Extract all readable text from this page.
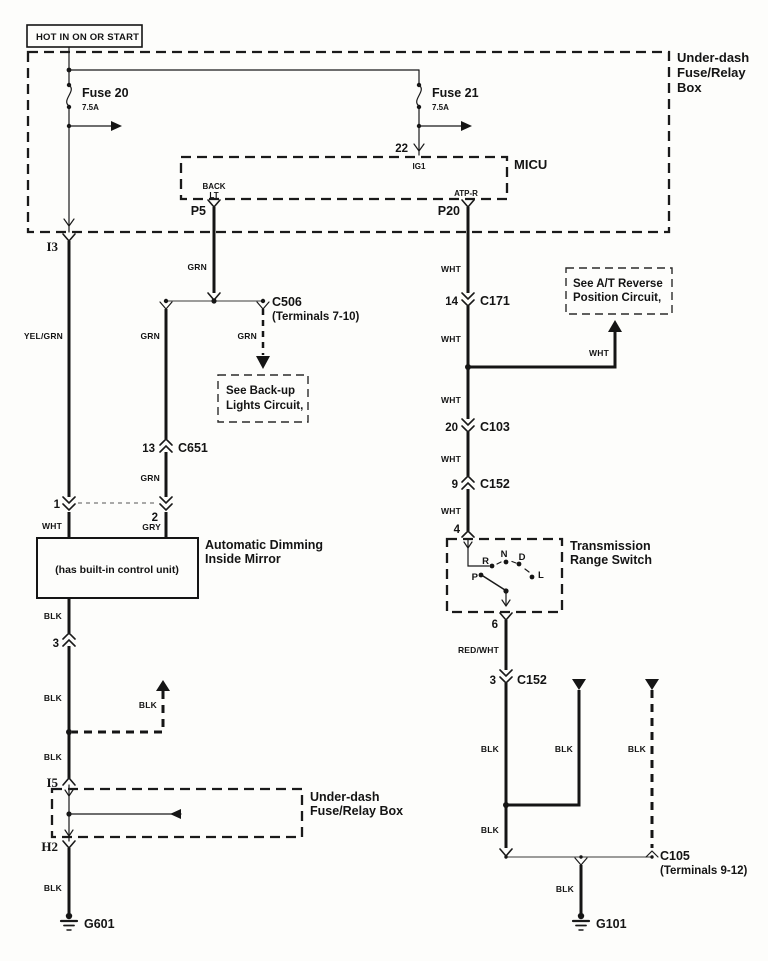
HOT IN ON OR START
Under-dash
Fuse/Relay
Box
Fuse 20
7.5A
Fuse 21
7.5A
22
MICU
IG1
BACK
LT	ATP-R
P5
GRN
P20
WHT
I3
YEL/GRN
1
WHT
C506
(Terminals 7-10)
GRN
13 C651
GRN
2
GRY
GRN
See Back-up
Lights Circuit,
(has built-in control unit)
Automatic Dimming
Inside Mirror
BLK
3
BLK
BLK
BLK
I5
Under-dash
Fuse/Relay Box
H2
BLK
G601
14 C171
WHT
WHT
See A/T Reverse
Position Circuit,
WHT
20 C103
WHT
9 C152
WHT
4
Transmission
Range Switch
R
N D
L
P
6
RED/WHT
3 C152
BLK
BLK
BLK	BLK
C105
(Terminals 9-12)
BLK
G101
